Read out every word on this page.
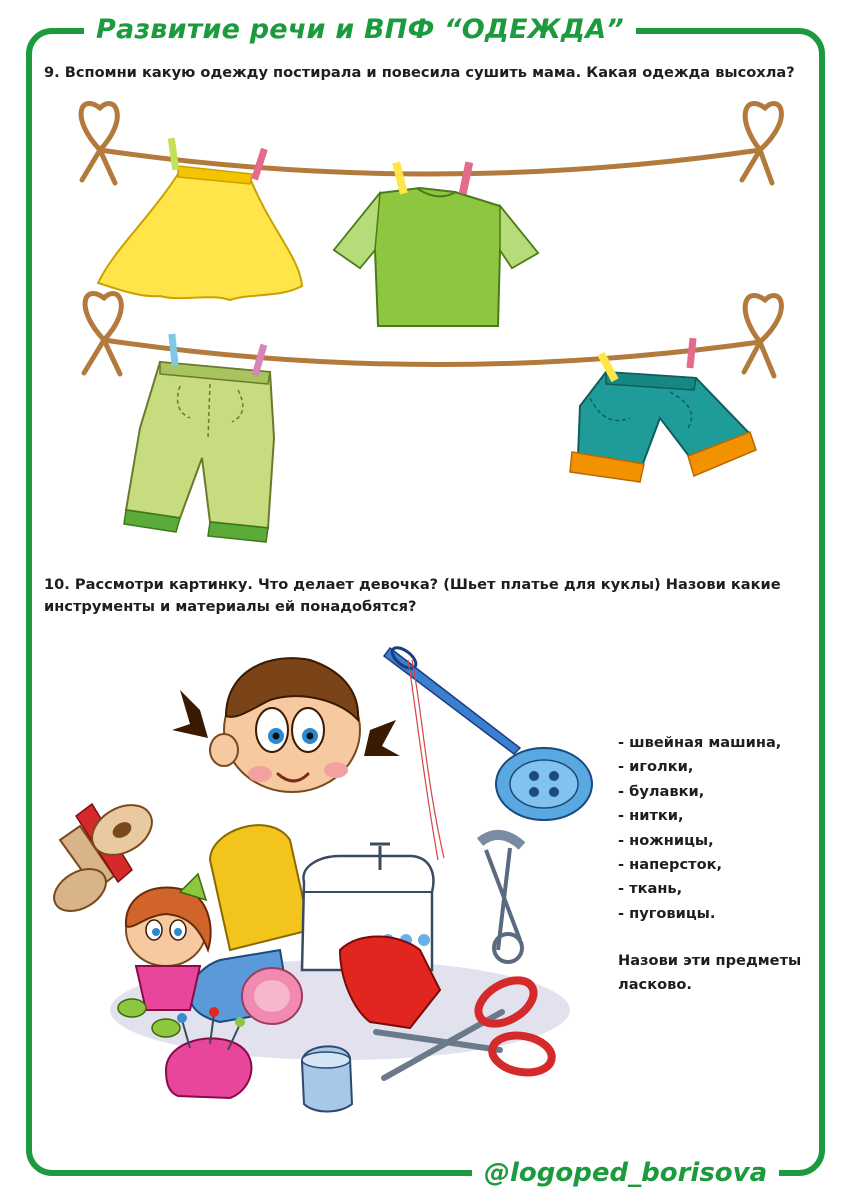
Развитие речи и ВПФ “ОДЕЖДА”
9. Вспомни какую одежду постирала и повесила сушить мама. Какая одежда высохла?
10. Рассмотри картинку. Что делает девочка? (Шьет платье для куклы) Назови какие
инструменты и материалы ей понадобятся?
- швейная машина,
- иголки,
- булавки,
- нитки,
- ножницы,
- наперсток,
- ткань,
- пуговицы.
Назови эти предметы
ласково.
@logoped_borisova
